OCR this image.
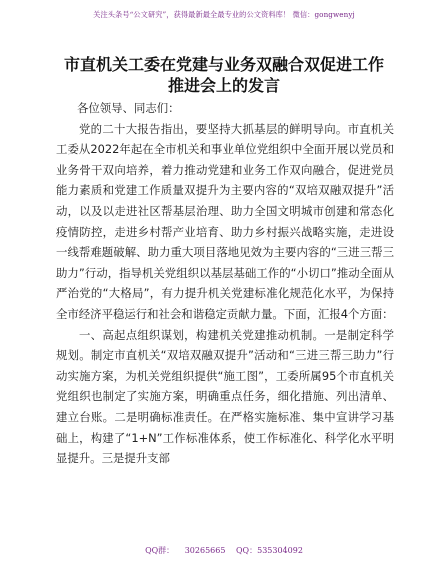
关注头条号“公文研究”，获得最新最全最专业的公文资料库！ 微信：gongwenyj
市直机关工委在党建与业务双融合双促进工作
推进会上的发言

各位领导、同志们：

党的二十大报告指出，要坚持大抓基层的鲜明导向。市直机关工委从2022年起在全市机关和事业单位党组织中全面开展以党员和业务骨干双向培养，着力推动党建和业务工作双向融合，促进党员能力素质和党建工作质量双提升为主要内容的“双培双融双提升”活动，以及以走进社区帮基层治理、助力全国文明城市创建和常态化疫情防控，走进乡村帮产业培育、助力乡村振兴战略实施，走进设一线帮难题破解、助力重大项目落地见效为主要内容的“三进三帮三助力”行动，指导机关党组织以基层基础工作的“小切口”推动全面从严治党的“大格局”，有力提升机关党建标准化规范化水平，为保持全市经济平稳运行和社会和谐稳定贡献力量。下面，汇报4个方面：

一、高起点组织谋划，构建机关党建推动机制。一是制定科学规划。制定市直机关“双培双融双提升”活动和“三进三帮三助力”行动实施方案，为机关党组织提供“施工图”，工委所属95个市直机关党组织也制定了实施方案，明确重点任务，细化措施、列出清单、建立台账。二是明确标准责任。在严格实施标准、集中宣讲学习基础上，构建了“1+N”工作标准体系，使工作标准化、科学化水平明显提升。三是提升支部

QQ群： 30265665 QQ：535304092
